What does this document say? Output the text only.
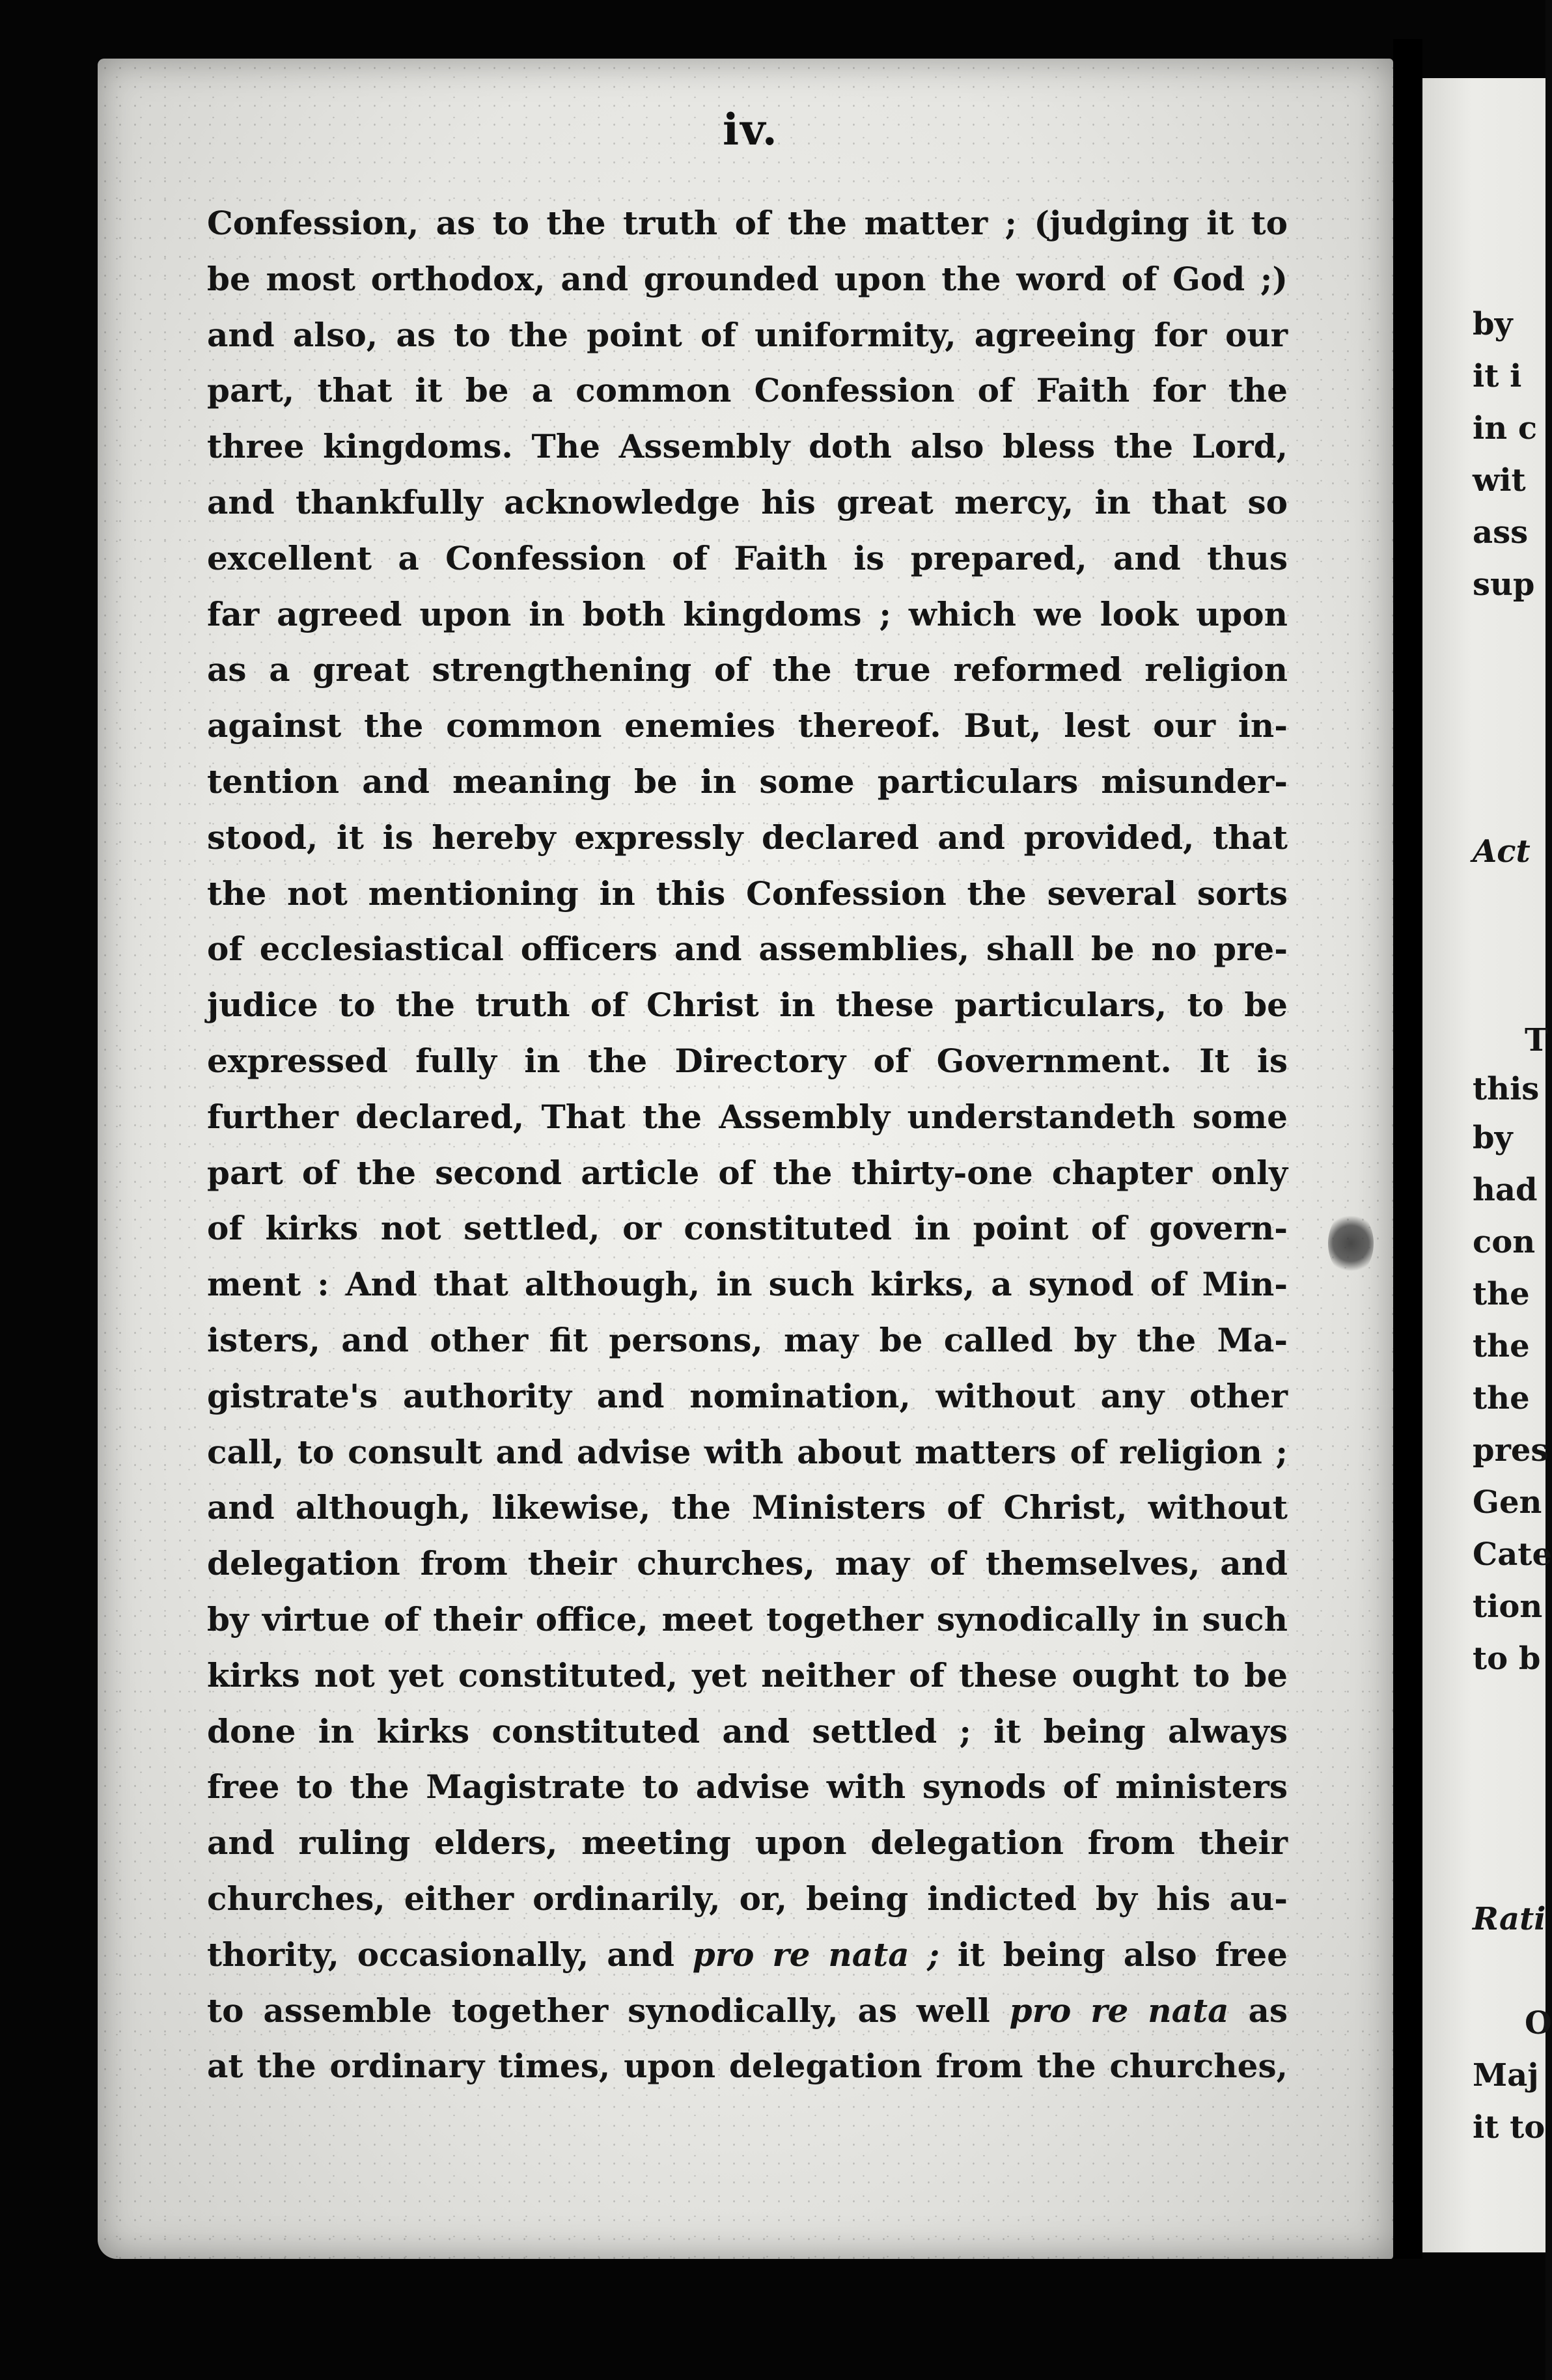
iv.
Confession, as to the truth of the matter ; (judging it to
be most orthodox, and grounded upon the word of God ;)
and also, as to the point of uniformity, agreeing for our
part, that it be a common Confession of Faith for the
three kingdoms. The Assembly doth also bless the Lord,
and thankfully acknowledge his great mercy, in that so
excellent a Confession of Faith is prepared, and thus
far agreed upon in both kingdoms ; which we look upon
as a great strengthening of the true reformed religion
against the common enemies thereof. But, lest our in-
tention and meaning be in some particulars misunder-
stood, it is hereby expressly declared and provided, that
the not mentioning in this Confession the several sorts
of ecclesiastical officers and assemblies, shall be no pre-
judice to the truth of Christ in these particulars, to be
expressed fully in the Directory of Government. It is
further declared, That the Assembly understandeth some
part of the second article of the thirty-one chapter only
of kirks not settled, or constituted in point of govern-
ment : And that although, in such kirks, a synod of Min-
isters, and other fit persons, may be called by the Ma-
gistrate's authority and nomination, without any other
call, to consult and advise with about matters of religion ;
and although, likewise, the Ministers of Christ, without
delegation from their churches, may of themselves, and
by virtue of their office, meet together synodically in such
kirks not yet constituted, yet neither of these ought to be
done in kirks constituted and settled ; it being always
free to the Magistrate to advise with synods of ministers
and ruling elders, meeting upon delegation from their
churches, either ordinarily, or, being indicted by his au-
thority, occasionally, and pro re nata ; it being also free
to assemble together synodically, as well pro re nata as
at the ordinary times, upon delegation from the churches,
by
it i
in c
wit
ass
sup
Act
T
this
by
had
con
the
the
the
pres
Gen
Cate
tion
to b
Rati
O
Maj
it to
